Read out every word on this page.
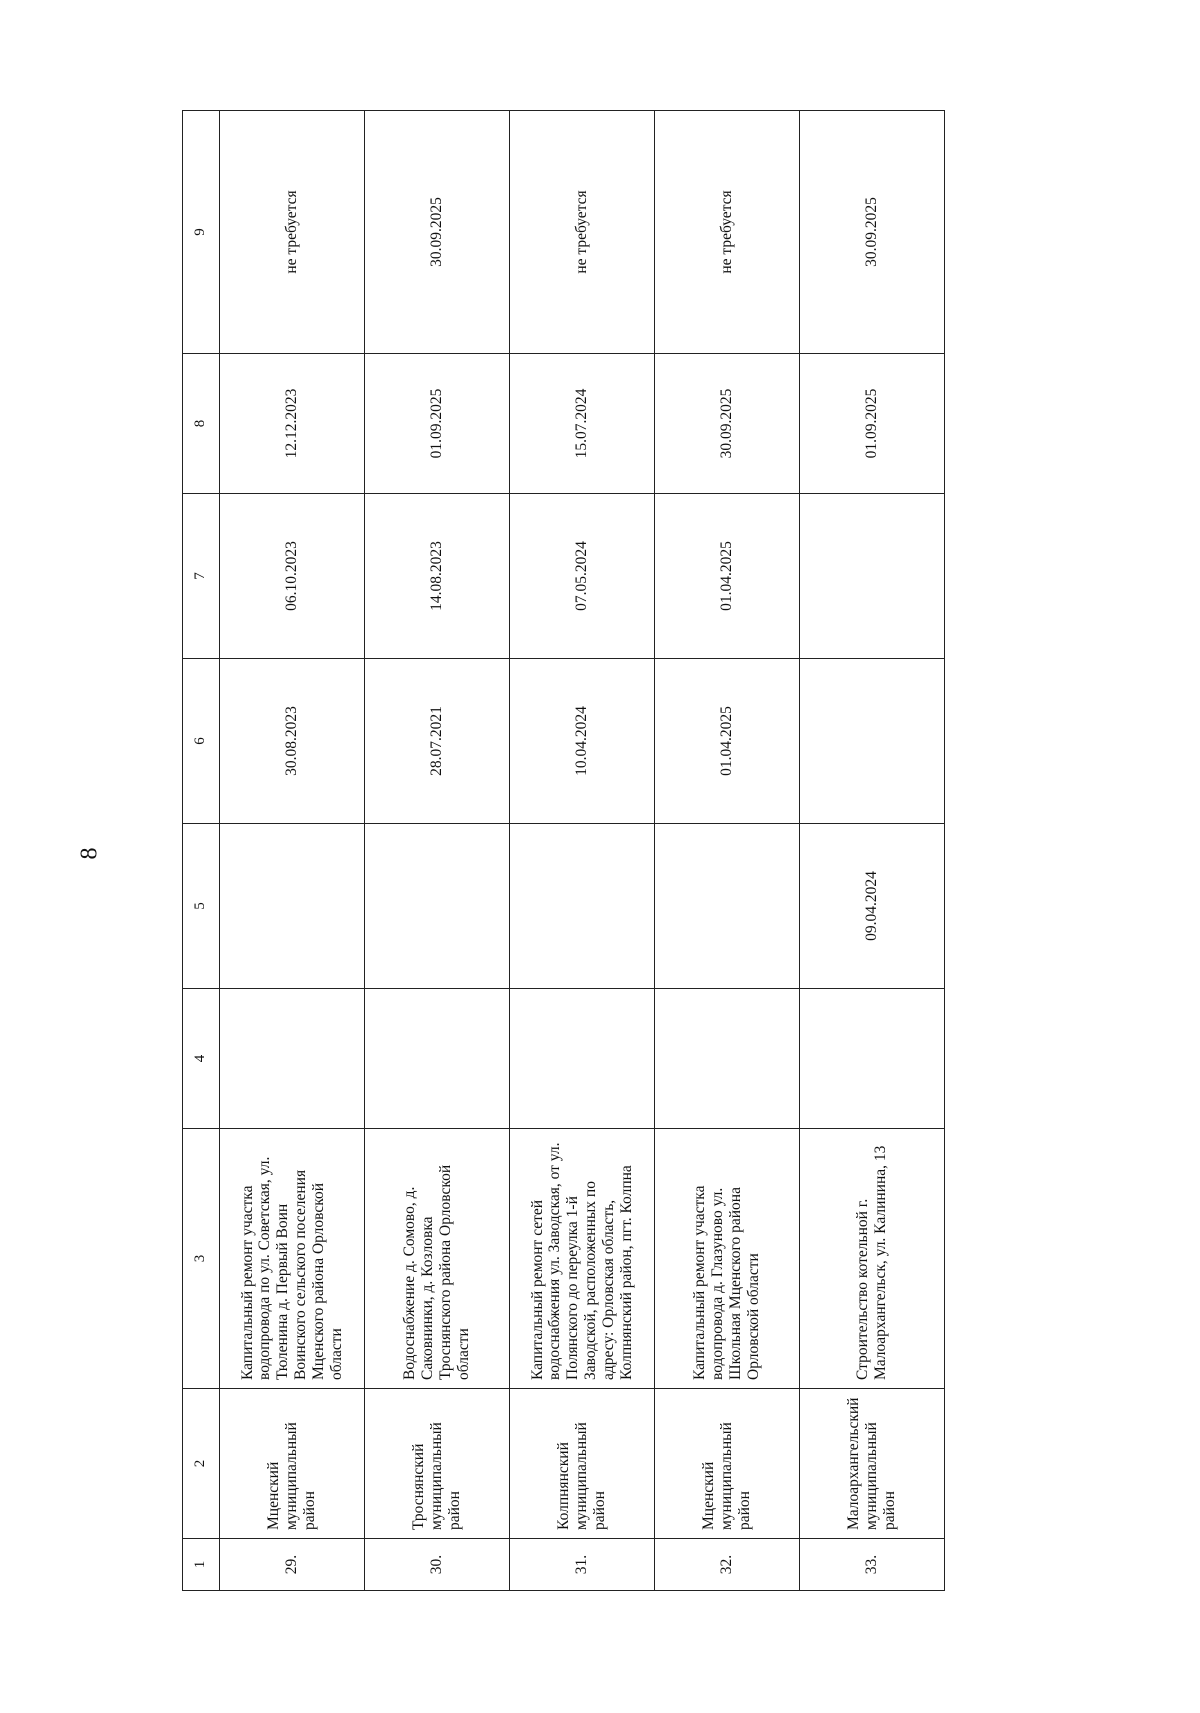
8
1	2	3	4	5	6	7	8	9
29.	Мценский муниципальный район	Капитальный ремонт участка водопровода по ул. Советская, ул. Тюленина д. Первый Воин Воинского сельского поселения Мценского района Орловской области			30.08.2023	06.10.2023	12.12.2023	не требуется
30.	Троснянский муниципальный район	Водоснабжение д. Сомово, д. Саковнинки, д. Козловка Троснянского района Орловской области			28.07.2021	14.08.2023	01.09.2025	30.09.2025
31.	Колпнянский муниципальный район	Капитальный ремонт сетей водоснабжения ул. Заводская, от ул. Полянского до переулка 1-й Заводской, расположенных по адресу: Орловская область, Колпнянский район, пгт. Колпна			10.04.2024	07.05.2024	15.07.2024	не требуется
32.	Мценский муниципальный район	Капитальный ремонт участка водопровода д. Глазуново ул. Школьная Мценского района Орловской области			01.04.2025	01.04.2025	30.09.2025	не требуется
33.	Малоархангельский муниципальный район	Строительство котельной г. Малоархангельск, ул. Калинина, 13		09.04.2024			01.09.2025	30.09.2025
